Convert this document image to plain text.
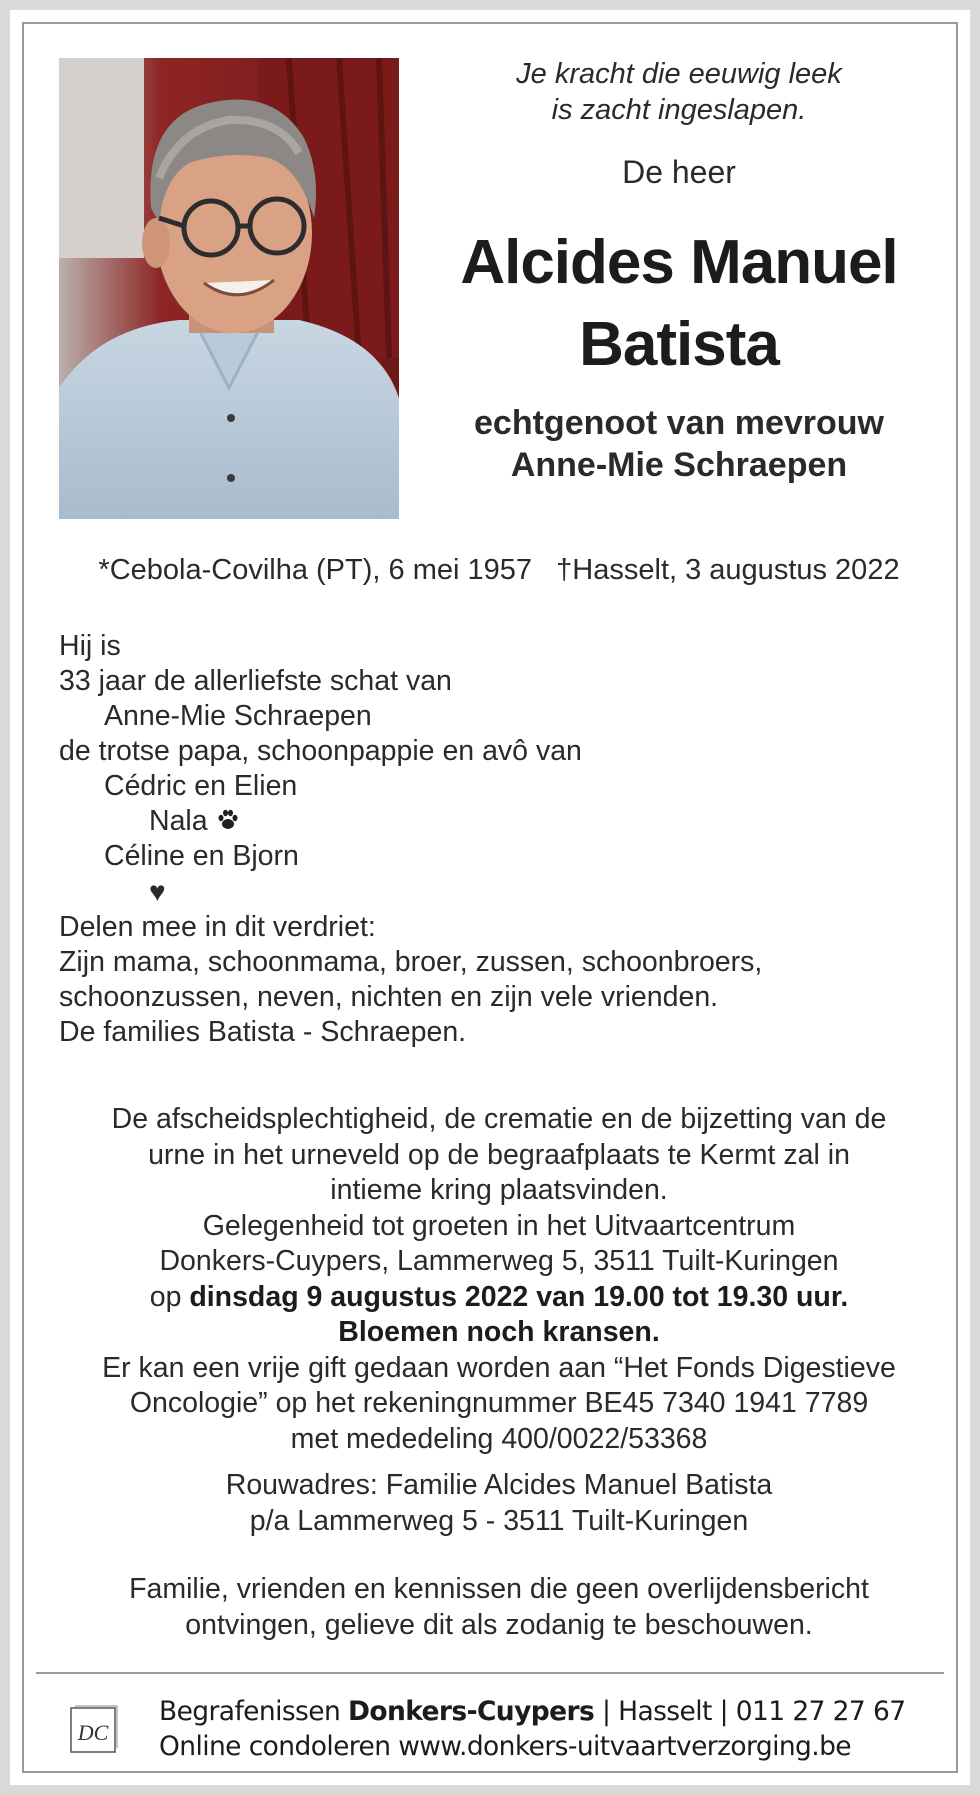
Je kracht die eeuwig leek
is zacht ingeslapen.
De heer
Alcides Manuel
Batista
echtgenoot van mevrouw
Anne-Mie Schraepen
*Cebola-Covilha (PT), 6 mei 1957 †Hasselt, 3 augustus 2022
Hij is
33 jaar de allerliefste schat van
Anne-Mie Schraepen
de trotse papa, schoonpappie en avô van
Cédric en Elien
Nala
Céline en Bjorn
♥
Delen mee in dit verdriet:
Zijn mama, schoonmama, broer, zussen, schoonbroers,
schoonzussen, neven, nichten en zijn vele vrienden.
De families Batista - Schraepen.
De afscheidsplechtigheid, de crematie en de bijzetting van de
urne in het urneveld op de begraafplaats te Kermt zal in
intieme kring plaatsvinden.
Gelegenheid tot groeten in het Uitvaartcentrum
Donkers-Cuypers, Lammerweg 5, 3511 Tuilt-Kuringen
op dinsdag 9 augustus 2022 van 19.00 tot 19.30 uur.
Bloemen noch kransen.
Er kan een vrije gift gedaan worden aan “Het Fonds Digestieve
Oncologie” op het rekeningnummer BE45 7340 1941 7789
met mededeling 400/0022/53368
Rouwadres: Familie Alcides Manuel Batista
p/a Lammerweg 5 - 3511 Tuilt-Kuringen
Familie, vrienden en kennissen die geen overlijdensbericht
ontvingen, gelieve dit als zodanig te beschouwen.
DC
Begrafenissen Donkers-Cuypers | Hasselt | 011 27 27 67
Online condoleren www.donkers-uitvaartverzorging.be
